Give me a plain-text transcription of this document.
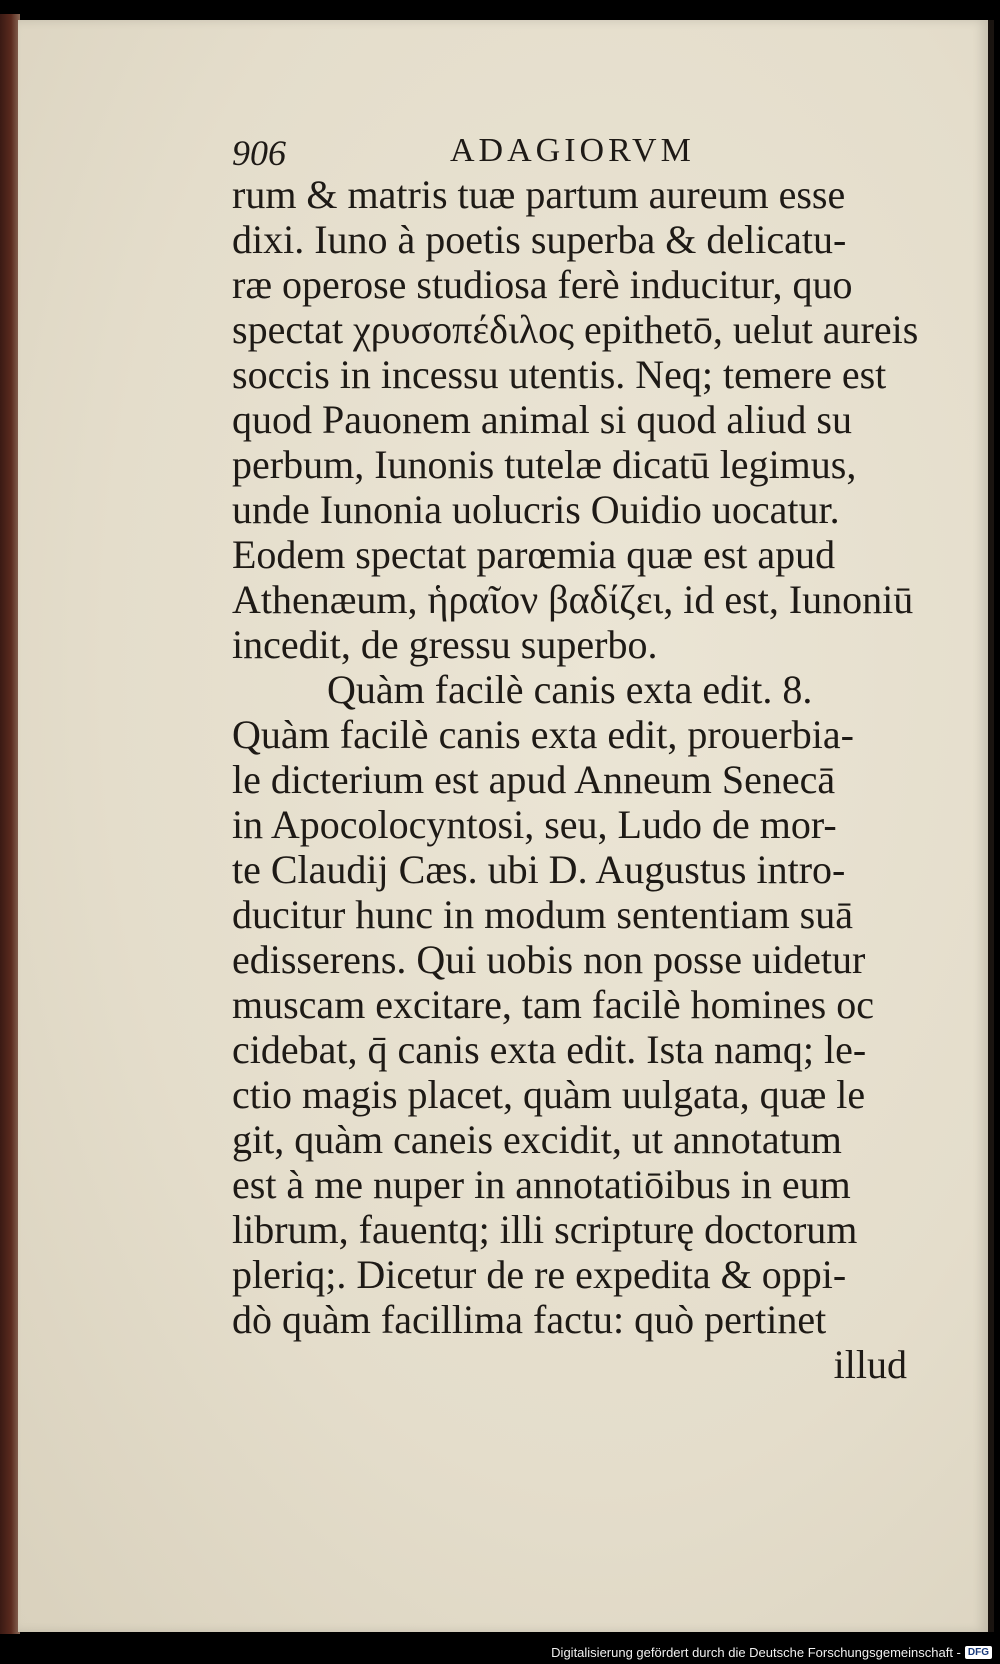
906	ADAGIORVM
rum & matris tuæ partum aureum esse
dixi. Iuno à poetis superba & delicatu-
ræ operose studiosa ferè inducitur, quo
spectat χρυσοπέδιλος epithetō, uelut aureis
soccis in incessu utentis. Neq; temere est
quod Pauonem animal si quod aliud su
perbum, Iunonis tutelæ dicatū legimus,
unde Iunonia uolucris Ouidio uocatur.
Eodem spectat parœmia quæ est apud
Athenæum, ἡραῖον βαδίζει, id est, Iunoniū
incedit, de gressu superbo.
Quàm facilè canis exta edit. 8.
Quàm facilè canis exta edit, prouerbia-
le dicterium est apud Anneum Senecā
in Apocolocyntosi, seu, Ludo de mor-
te Claudij Cæs. ubi D. Augustus intro-
ducitur hunc in modum sententiam suā
edisserens. Qui uobis non posse uidetur
muscam excitare, tam facilè homines oc
cidebat, q̄ canis exta edit. Ista namq; le-
ctio magis placet, quàm uulgata, quæ le
git, quàm caneis excidit, ut annotatum
est à me nuper in annotatiōibus in eum
librum, fauentq; illi scripturę doctorum
pleriq;. Dicetur de re expedita & oppi-
dò quàm facillima factu: quò pertinet
illud
Digitalisierung gefördert durch die Deutsche Forschungsgemeinschaft - DFG
